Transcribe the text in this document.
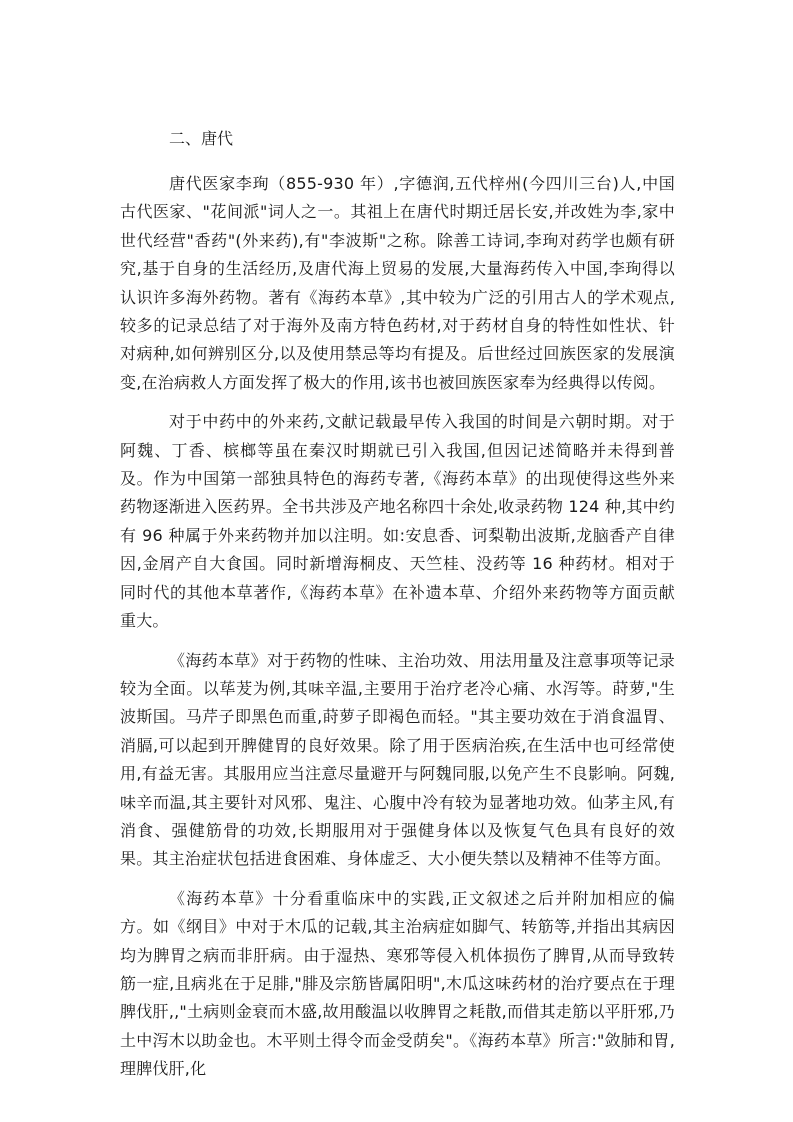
二、唐代

唐代医家李珣（855-930 年）,字德润,五代梓州(今四川三台)人,中国古代医家、"花间派"词人之一。其祖上在唐代时期迁居长安,并改姓为李,家中世代经营"香药"(外来药),有"李波斯"之称。除善工诗词,李珣对药学也颇有研究,基于自身的生活经历,及唐代海上贸易的发展,大量海药传入中国,李珣得以认识许多海外药物。著有《海药本草》,其中较为广泛的引用古人的学术观点,较多的记录总结了对于海外及南方特色药材,对于药材自身的特性如性状、针对病种,如何辨别区分,以及使用禁忌等均有提及。后世经过回族医家的发展演变,在治病救人方面发挥了极大的作用,该书也被回族医家奉为经典得以传阅。

对于中药中的外来药,文献记载最早传入我国的时间是六朝时期。对于阿魏、丁香、槟榔等虽在秦汉时期就已引入我国,但因记述简略并未得到普及。作为中国第一部独具特色的海药专著,《海药本草》的出现使得这些外来药物逐渐进入医药界。全书共涉及产地名称四十余处,收录药物 124 种,其中约有 96 种属于外来药物并加以注明。如:安息香、诃梨勒出波斯,龙脑香产自律因,金屑产自大食国。同时新增海桐皮、天竺桂、没药等 16 种药材。相对于同时代的其他本草著作,《海药本草》在补遗本草、介绍外来药物等方面贡献重大。

《海药本草》对于药物的性味、主治功效、用法用量及注意事项等记录较为全面。以荜茇为例,其味辛温,主要用于治疗老冷心痛、水泻等。莳萝,"生波斯国。马芹子即黑色而重,莳萝子即褐色而轻。"其主要功效在于消食温胃、消膈,可以起到开脾健胃的良好效果。除了用于医病治疾,在生活中也可经常使用,有益无害。其服用应当注意尽量避开与阿魏同服,以免产生不良影响。阿魏,味辛而温,其主要针对风邪、鬼注、心腹中冷有较为显著地功效。仙茅主风,有消食、强健筋骨的功效,长期服用对于强健身体以及恢复气色具有良好的效果。其主治症状包括进食困难、身体虚乏、大小便失禁以及精神不佳等方面。

《海药本草》十分看重临床中的实践,正文叙述之后并附加相应的偏方。如《纲目》中对于木瓜的记载,其主治病症如脚气、转筋等,并指出其病因均为脾胃之病而非肝病。由于湿热、寒邪等侵入机体损伤了脾胃,从而导致转筋一症,且病兆在于足腓,"腓及宗筋皆属阳明",木瓜这味药材的治疗要点在于理脾伐肝,,"土病则金衰而木盛,故用酸温以收脾胃之耗散,而借其走筋以平肝邪,乃土中泻木以助金也。木平则土得令而金受荫矣"。《海药本草》所言:"敛肺和胃,理脾伐肝,化
